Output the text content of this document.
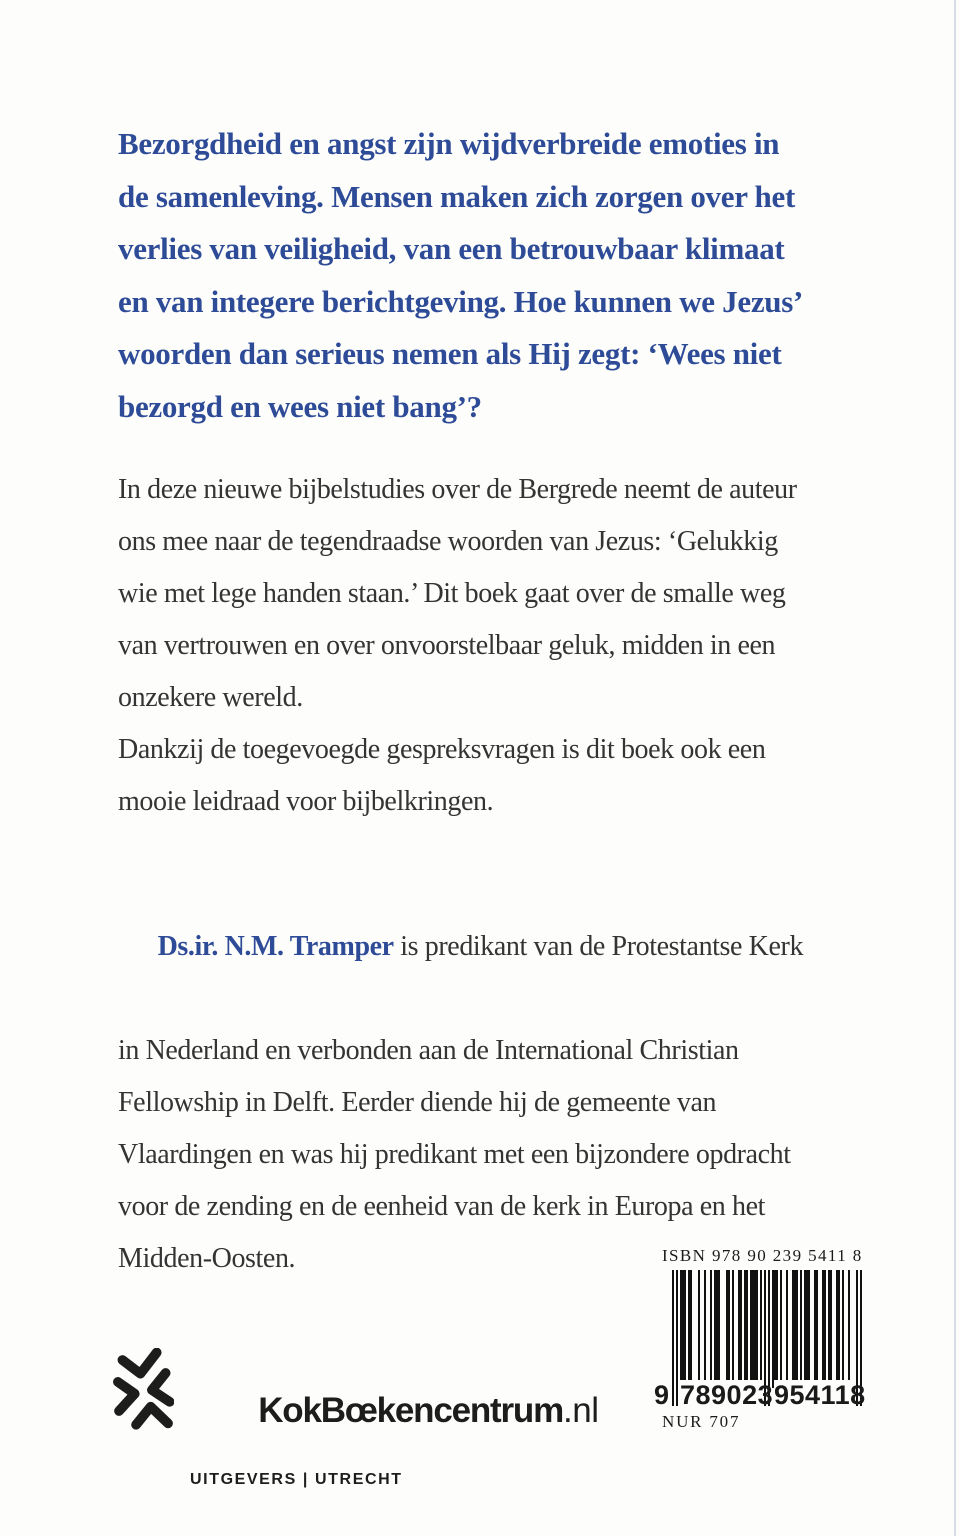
Bezorgdheid en angst zijn wijdverbreide emoties in
de samenleving. Mensen maken zich zorgen over het
verlies van veiligheid, van een betrouwbaar klimaat
en van integere berichtgeving. Hoe kunnen we Jezus’
woorden dan serieus nemen als Hij zegt: ‘Wees niet
bezorgd en wees niet bang’?
In deze nieuwe bijbelstudies over de Bergrede neemt de auteur
ons mee naar de tegendraadse woorden van Jezus: ‘Gelukkig
wie met lege handen staan.’ Dit boek gaat over de smalle weg
van vertrouwen en over onvoorstelbaar geluk, midden in een
onzekere wereld.
Dankzij de toegevoegde gespreksvragen is dit boek ook een
mooie leidraad voor bijbelkringen.

Ds.ir. N.M. Tramper is predikant van de Protestantse Kerk

in Nederland en verbonden aan de International Christian
Fellowship in Delft. Eerder diende hij de gemeente van
Vlaardingen en was hij predikant met een bijzondere opdracht
voor de zending en de eenheid van de kerk in Europa en het
Midden-Oosten.

KokBœkencentrum.nl

UITGEVERS | UTRECHT
ISBN 978 90 239 5411 8
9 789023 954118
NUR 707
